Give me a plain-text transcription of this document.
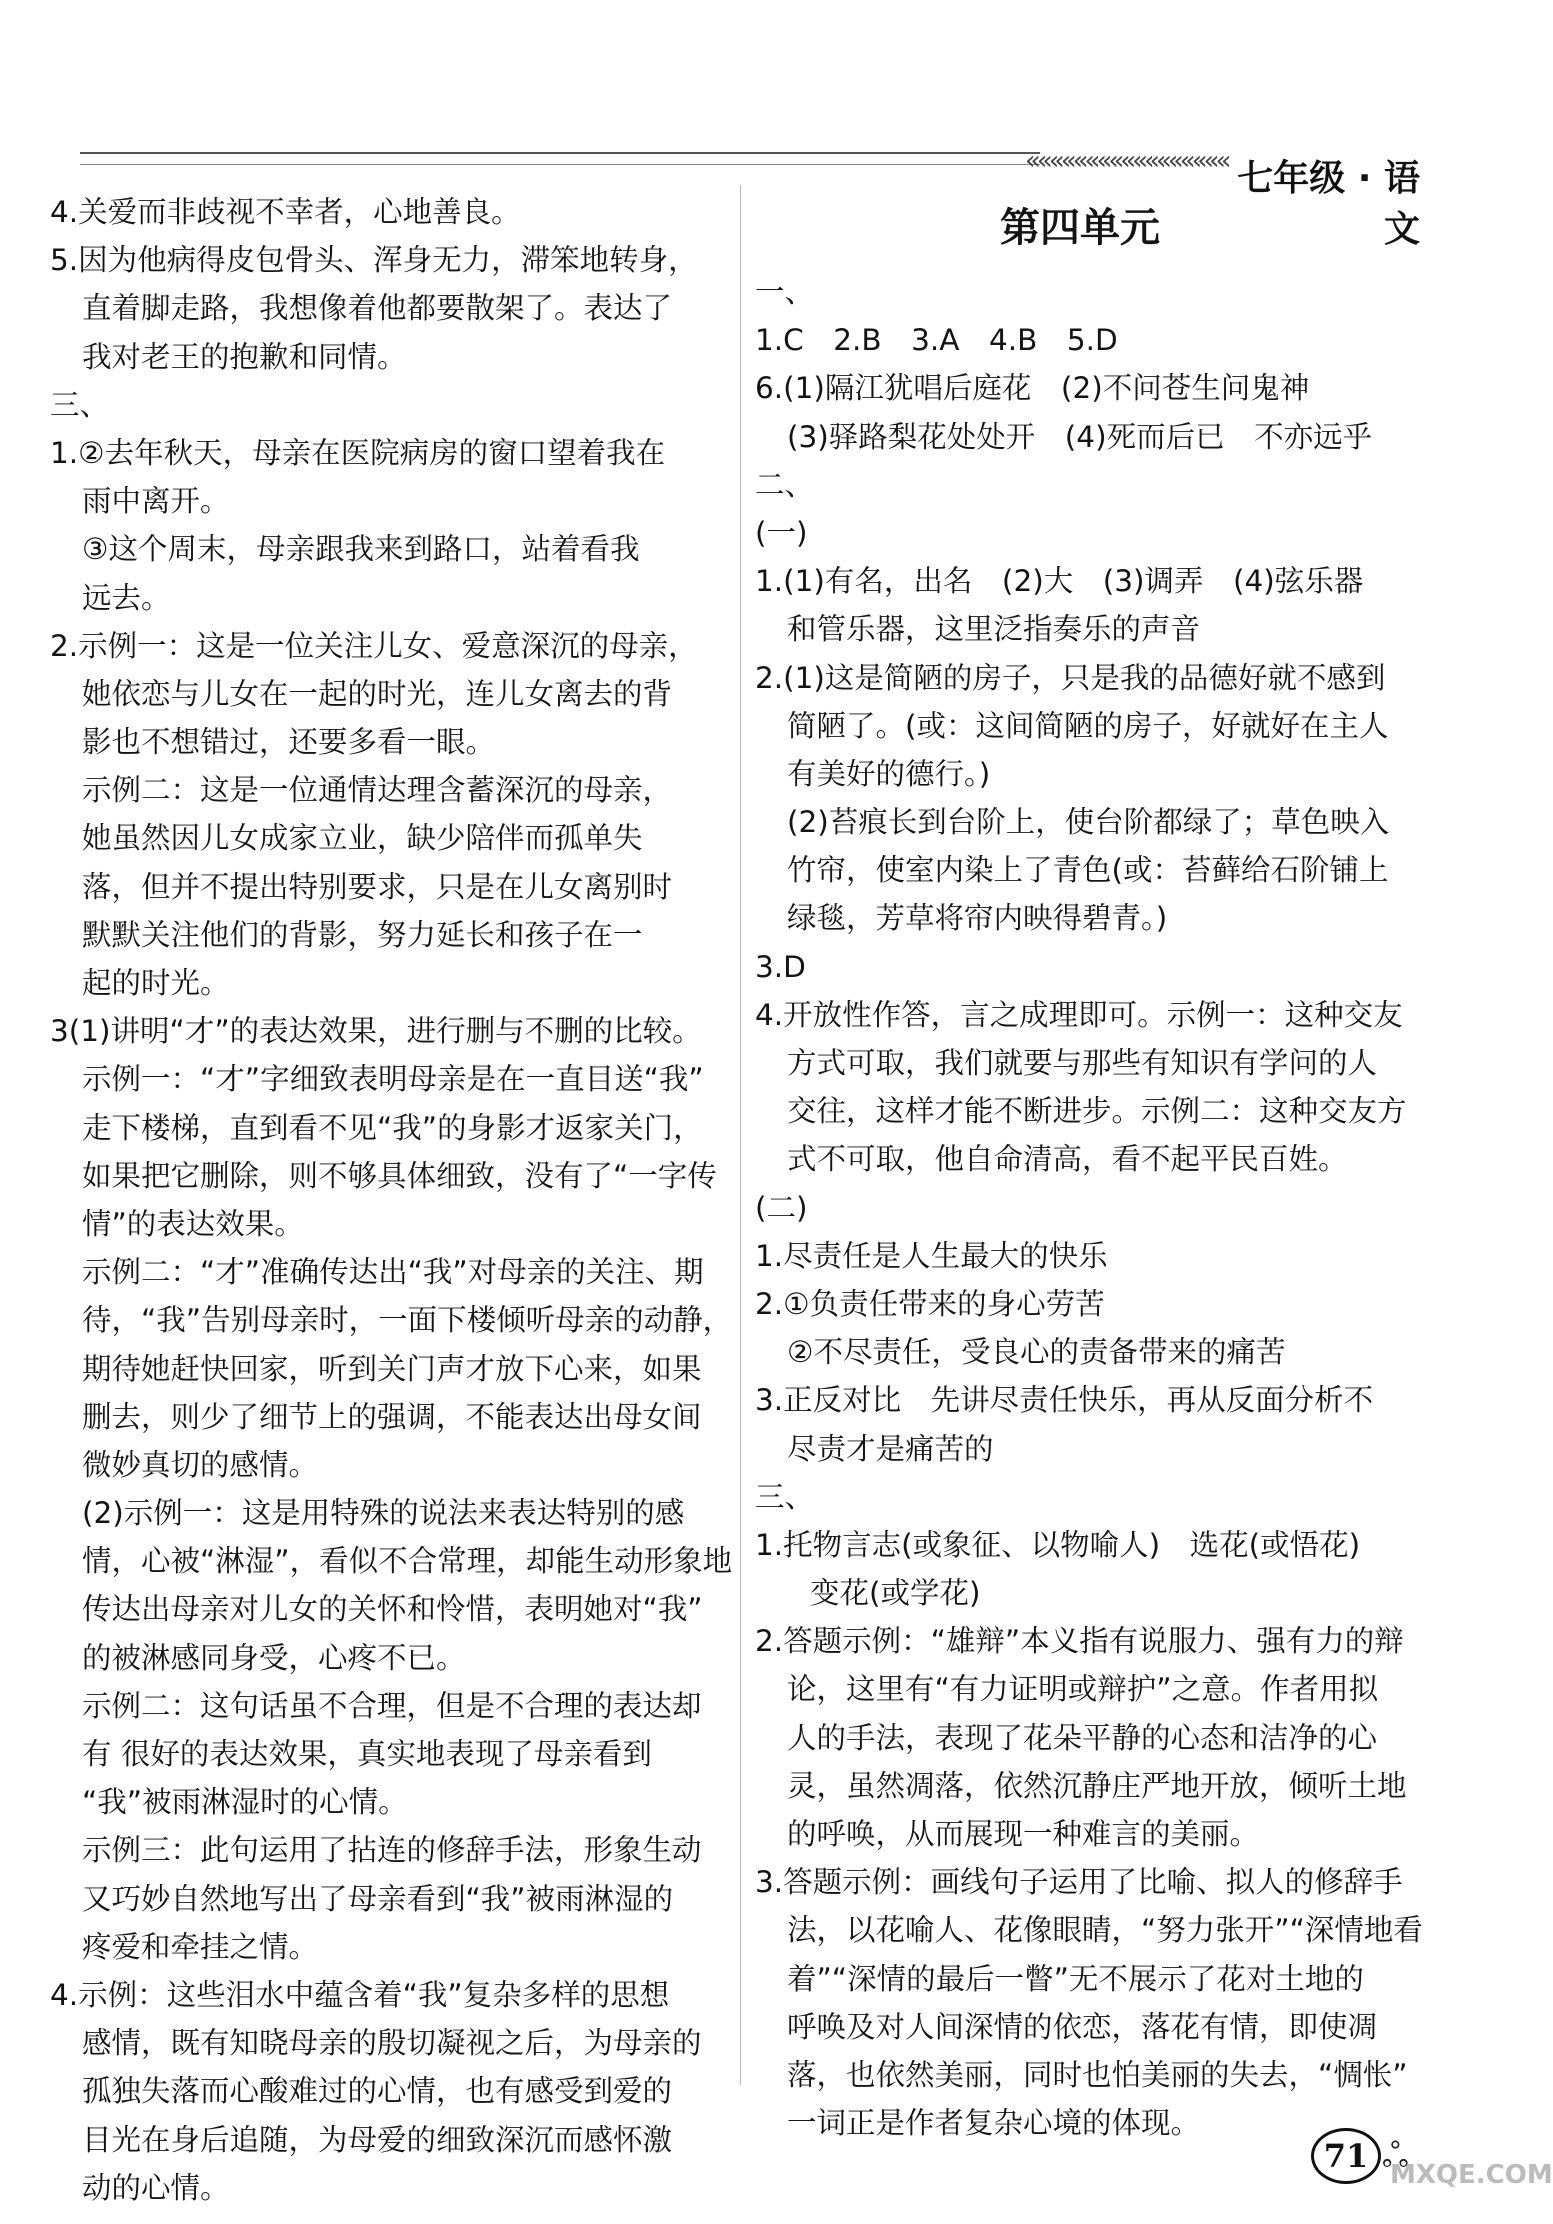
««««««««««««««««« 七年级 · 语文
4.关爱而非歧视不幸者，心地善良。
5.因为他病得皮包骨头、浑身无力，滞笨地转身，
直着脚走路，我想像着他都要散架了。表达了
我对老王的抱歉和同情。
三、
1.②去年秋天，母亲在医院病房的窗口望着我在
雨中离开。
③这个周末，母亲跟我来到路口，站着看我
远去。
2.示例一：这是一位关注儿女、爱意深沉的母亲，
她依恋与儿女在一起的时光，连儿女离去的背
影也不想错过，还要多看一眼。
示例二：这是一位通情达理含蓄深沉的母亲，
她虽然因儿女成家立业，缺少陪伴而孤单失
落，但并不提出特别要求，只是在儿女离别时
默默关注他们的背影，努力延长和孩子在一
起的时光。
3(1)讲明“才”的表达效果，进行删与不删的比较。
示例一：“才”字细致表明母亲是在一直目送“我”
走下楼梯，直到看不见“我”的身影才返家关门，
如果把它删除，则不够具体细致，没有了“一字传
情”的表达效果。
示例二：“才”准确传达出“我”对母亲的关注、期
待，“我”告别母亲时，一面下楼倾听母亲的动静，
期待她赶快回家，听到关门声才放下心来，如果
删去，则少了细节上的强调，不能表达出母女间
微妙真切的感情。
(2)示例一：这是用特殊的说法来表达特别的感
情，心被“淋湿”，看似不合常理，却能生动形象地
传达出母亲对儿女的关怀和怜惜，表明她对“我”
的被淋感同身受，心疼不已。
示例二：这句话虽不合理，但是不合理的表达却
有 很好的表达效果，真实地表现了母亲看到
“我”被雨淋湿时的心情。
示例三：此句运用了拈连的修辞手法，形象生动
又巧妙自然地写出了母亲看到“我”被雨淋湿的
疼爱和牵挂之情。
4.示例：这些泪水中蕴含着“我”复杂多样的思想
感情，既有知晓母亲的殷切凝视之后，为母亲的
孤独失落而心酸难过的心情，也有感受到爱的
目光在身后追随，为母爱的细致深沉而感怀激
动的心情。
第四单元
一、
1.C　2.B　3.A　4.B　5.D
6.(1)隔江犹唱后庭花　(2)不问苍生问鬼神
(3)驿路梨花处处开　(4)死而后已　不亦远乎
二、
(一)
1.(1)有名，出名　(2)大　(3)调弄　(4)弦乐器
和管乐器，这里泛指奏乐的声音
2.(1)这是简陋的房子，只是我的品德好就不感到
简陋了。(或：这间简陋的房子，好就好在主人
有美好的德行。)
(2)苔痕长到台阶上，使台阶都绿了；草色映入
竹帘，使室内染上了青色(或：苔藓给石阶铺上
绿毯，芳草将帘内映得碧青。)
3.D
4.开放性作答，言之成理即可。示例一：这种交友
方式可取，我们就要与那些有知识有学问的人
交往，这样才能不断进步。示例二：这种交友方
式不可取，他自命清高，看不起平民百姓。
(二)
1.尽责任是人生最大的快乐
2.①负责任带来的身心劳苦
②不尽责任，受良心的责备带来的痛苦
3.正反对比　先讲尽责任快乐，再从反面分析不
尽责才是痛苦的
三、
1.托物言志(或象征、以物喻人)　选花(或悟花)
变花(或学花)
2.答题示例：“雄辩”本义指有说服力、强有力的辩
论，这里有“有力证明或辩护”之意。作者用拟
人的手法，表现了花朵平静的心态和洁净的心
灵，虽然凋落，依然沉静庄严地开放，倾听土地
的呼唤，从而展现一种难言的美丽。
3.答题示例：画线句子运用了比喻、拟人的修辞手
法，以花喻人、花像眼睛，“努力张开”“深情地看
着”“深情的最后一瞥”无不展示了花对土地的
呼唤及对人间深情的依恋，落花有情，即使凋
落，也依然美丽，同时也怕美丽的失去，“惆怅”
一词正是作者复杂心境的体现。
71 ஃ
MXQE.COM
